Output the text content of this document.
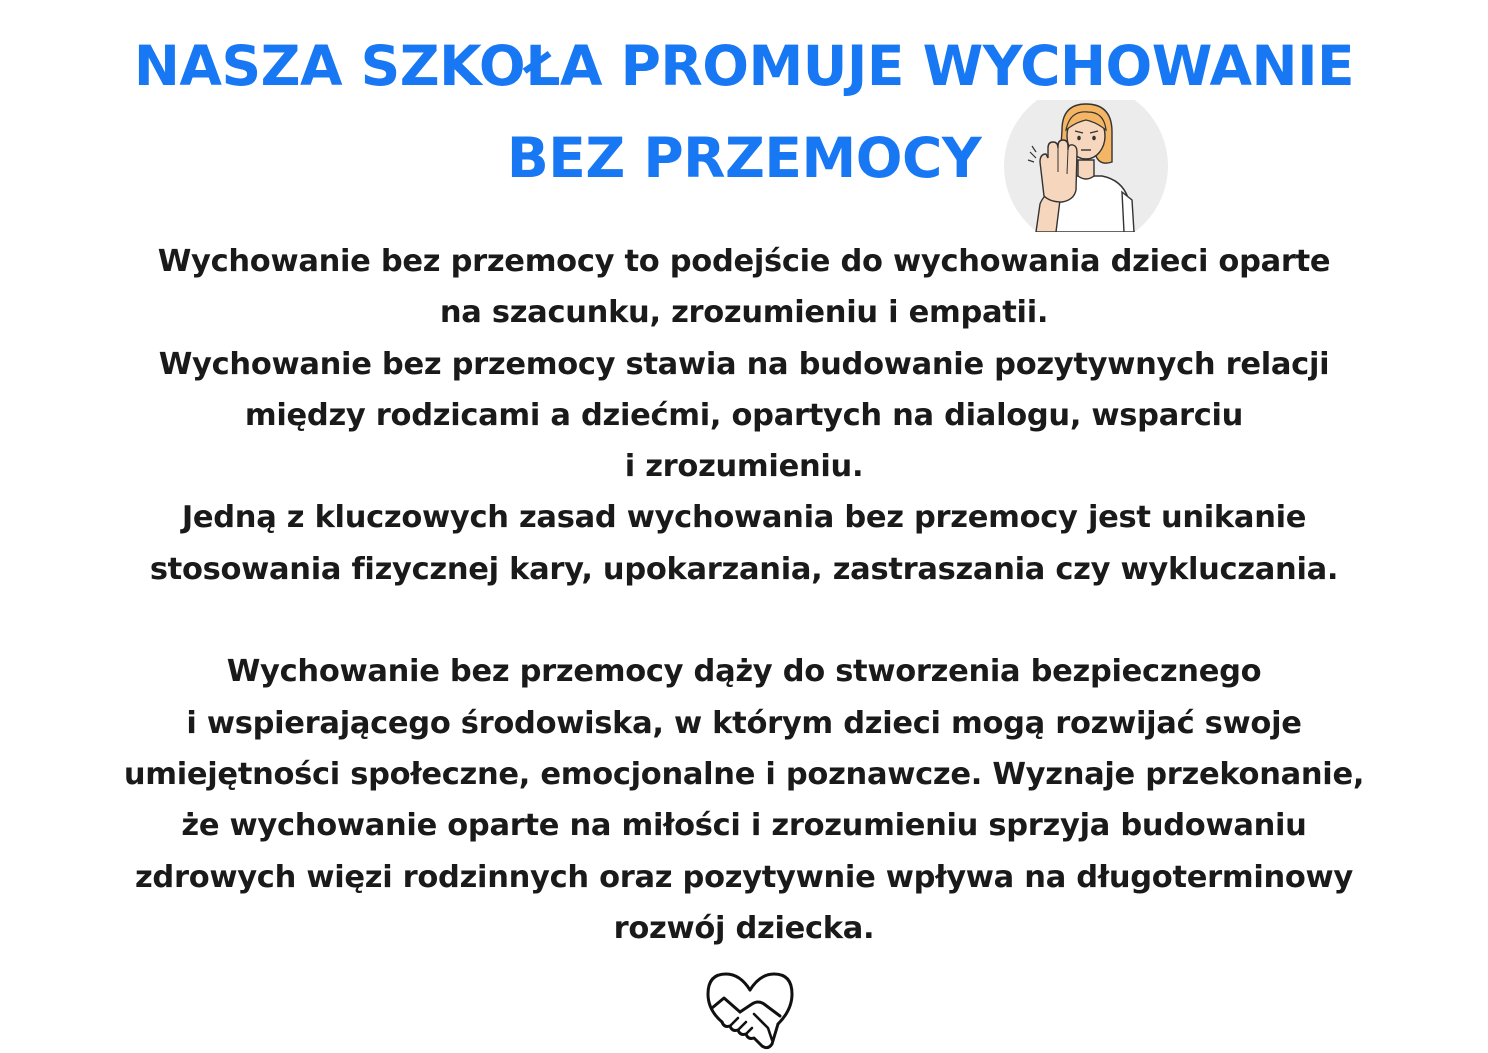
NASZA SZKOŁA PROMUJE WYCHOWANIE
BEZ PRZEMOCY
Wychowanie bez przemocy to podejście do wychowania dzieci oparte
na szacunku, zrozumieniu i empatii.
Wychowanie bez przemocy stawia na budowanie pozytywnych relacji
między rodzicami a dziećmi, opartych na dialogu, wsparciu
i zrozumieniu.
Jedną z kluczowych zasad wychowania bez przemocy jest unikanie
stosowania fizycznej kary, upokarzania, zastraszania czy wykluczania.
Wychowanie bez przemocy dąży do stworzenia bezpiecznego
i wspierającego środowiska, w którym dzieci mogą rozwijać swoje
umiejętności społeczne, emocjonalne i poznawcze. Wyznaje przekonanie,
że wychowanie oparte na miłości i zrozumieniu sprzyja budowaniu
zdrowych więzi rodzinnych oraz pozytywnie wpływa na długoterminowy
rozwój dziecka.
